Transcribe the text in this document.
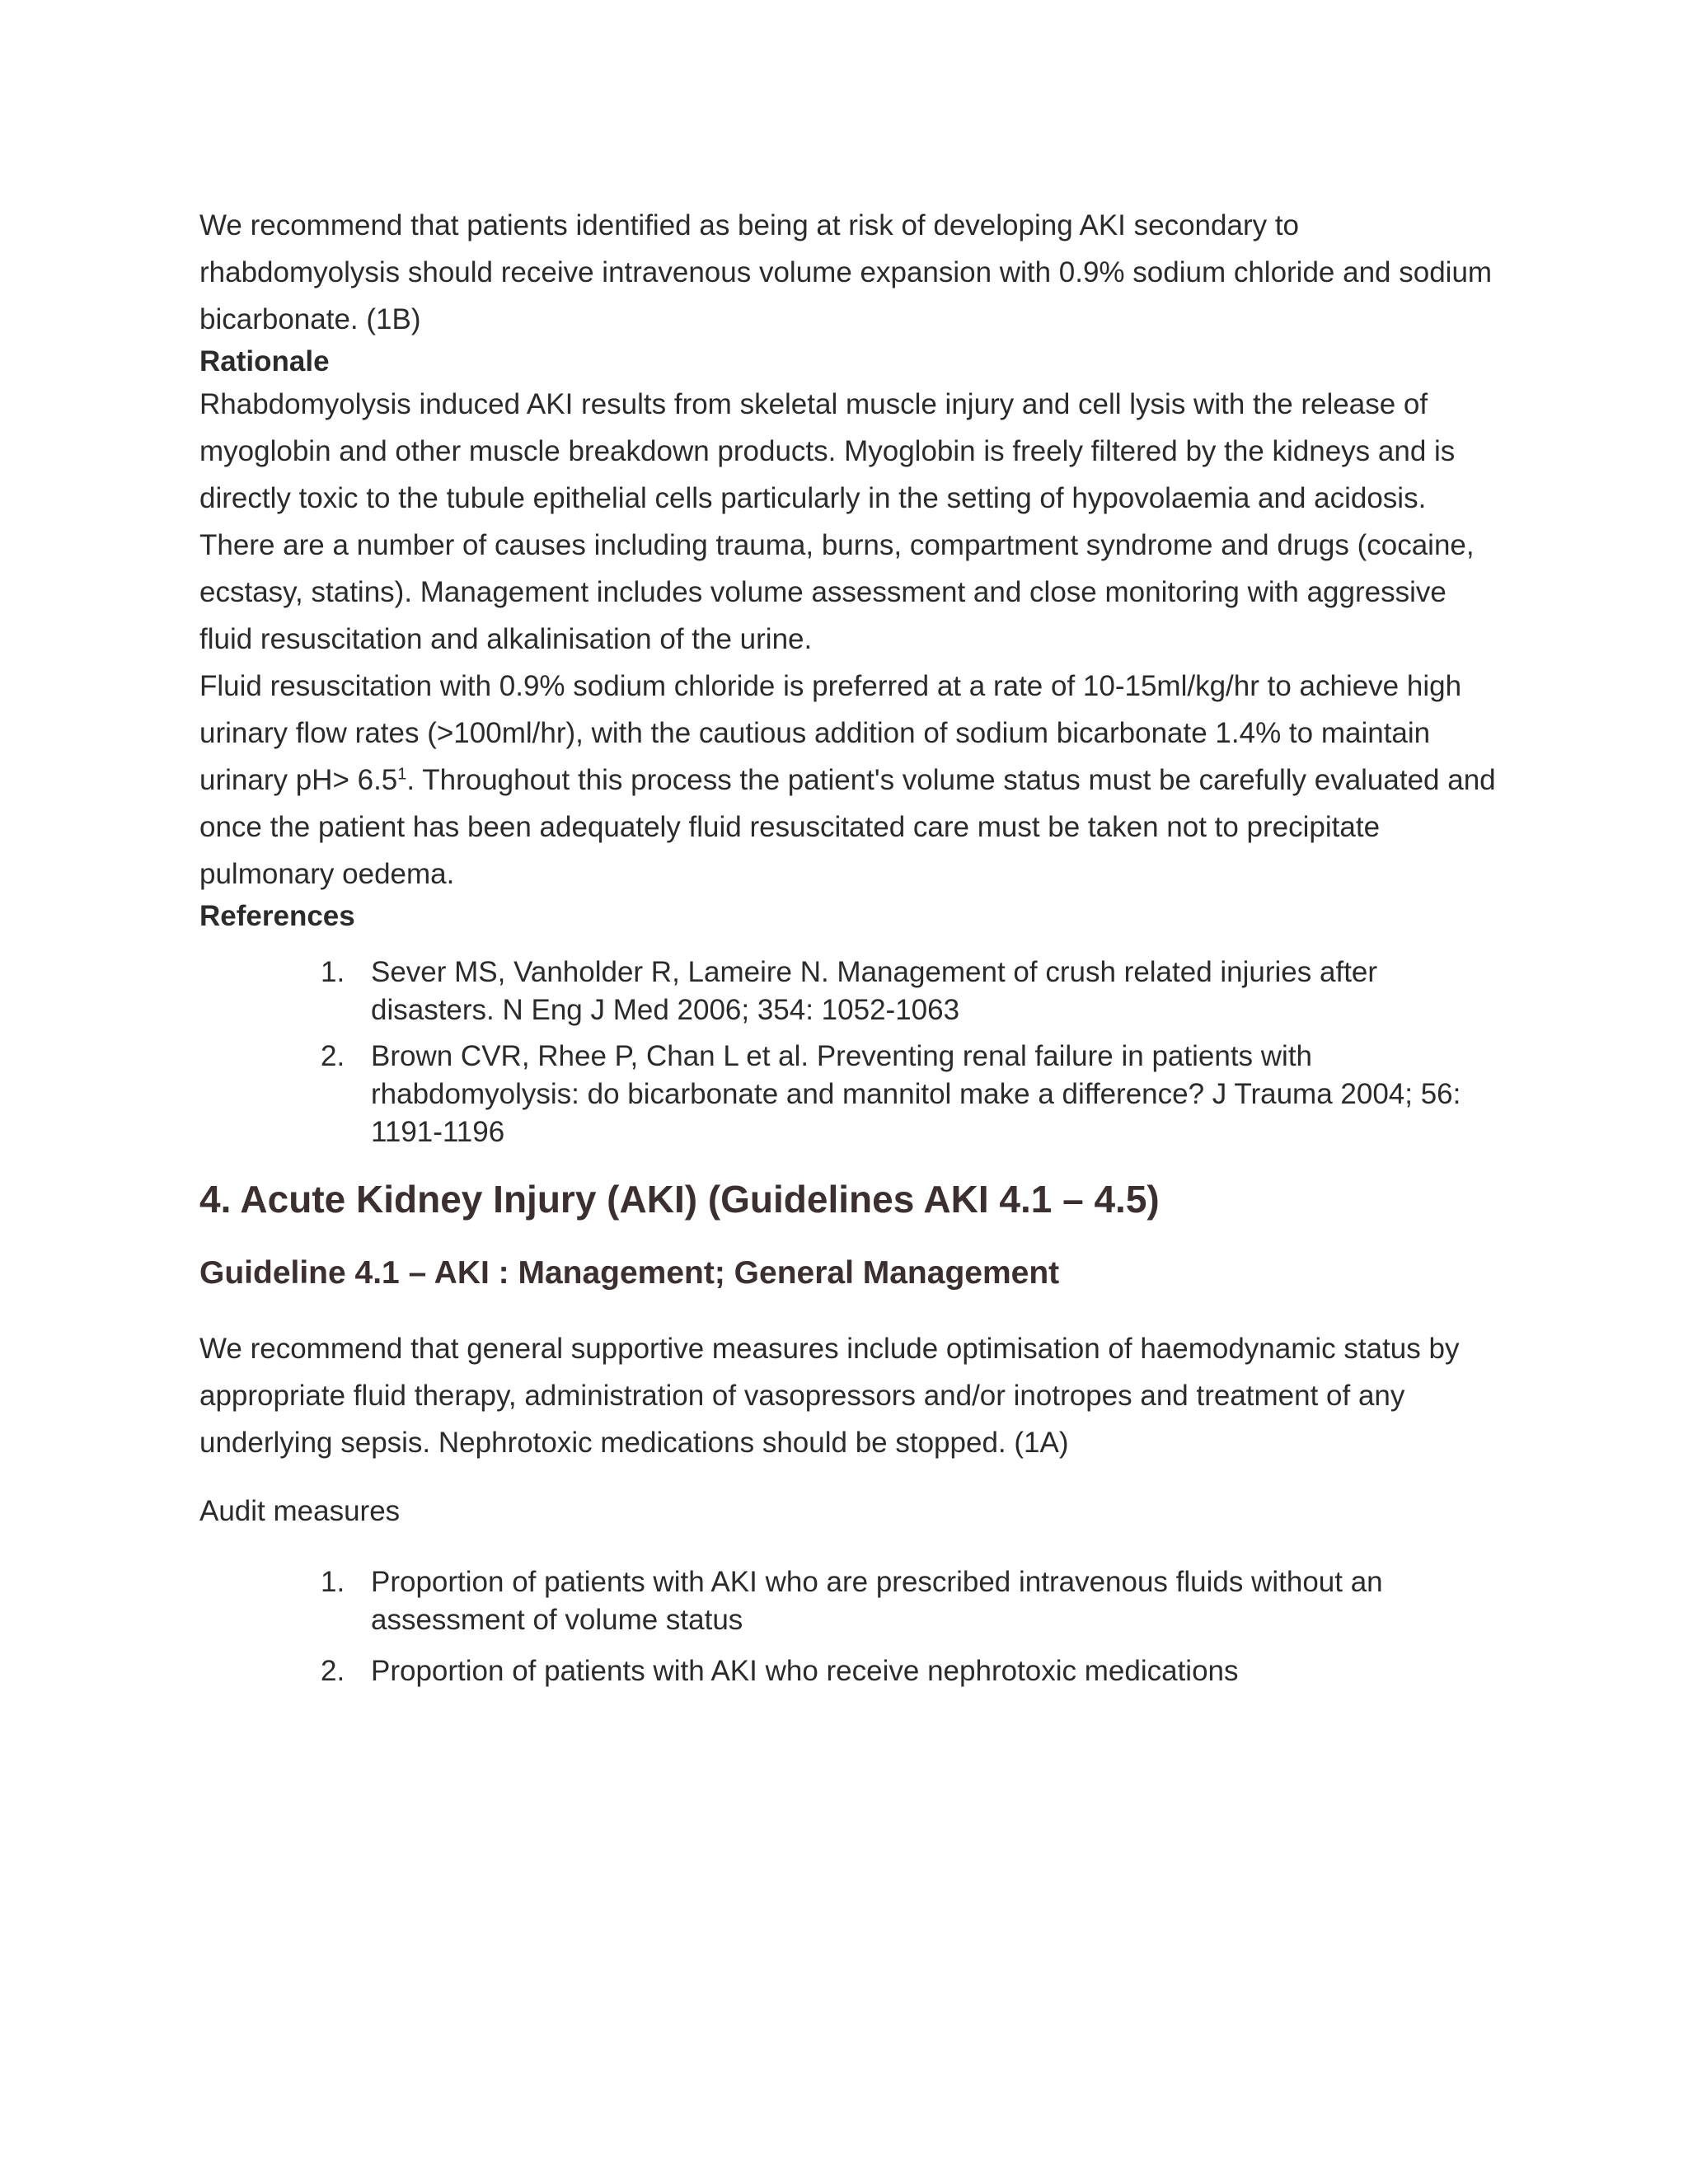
We recommend that patients identified as being at risk of developing AKI secondary to rhabdomyolysis should receive intravenous volume expansion with 0.9% sodium chloride and sodium bicarbonate. (1B)

Rationale

Rhabdomyolysis induced AKI results from skeletal muscle injury and cell lysis with the release of myoglobin and other muscle breakdown products. Myoglobin is freely filtered by the kidneys and is directly toxic to the tubule epithelial cells particularly in the setting of hypovolaemia and acidosis. There are a number of causes including trauma, burns, compartment syndrome and drugs (cocaine, ecstasy, statins). Management includes volume assessment and close monitoring with aggressive fluid resuscitation and alkalinisation of the urine.

Fluid resuscitation with 0.9% sodium chloride is preferred at a rate of 10-15ml/kg/hr to achieve high urinary flow rates (>100ml/hr), with the cautious addition of sodium bicarbonate 1.4% to maintain urinary $pH> 6.5^1$. Throughout this process the patient's volume status must be carefully evaluated and once the patient has been adequately fluid resuscitated care must be taken not to precipitate pulmonary oedema.

References
1. Sever MS, Vanholder R, Lameire N. Management of crush related injuries after disasters. N Eng J Med 2006; 354: 1052-1063
2. Brown CVR, Rhee P, Chan L et al. Preventing renal failure in patients with rhabdomyolysis: do bicarbonate and mannitol make a difference? J Trauma 2004; 56: 1191-1196
4. Acute Kidney Injury (AKI) (Guidelines AKI 4.1 – 4.5)
Guideline 4.1 – AKI : Management; General Management

We recommend that general supportive measures include optimisation of haemodynamic status by appropriate fluid therapy, administration of vasopressors and/or inotropes and treatment of any underlying sepsis. Nephrotoxic medications should be stopped. (1A)

Audit measures

1. Proportion of patients with AKI who are prescribed intravenous fluids without an assessment of volume status
2. Proportion of patients with AKI who receive nephrotoxic medications
